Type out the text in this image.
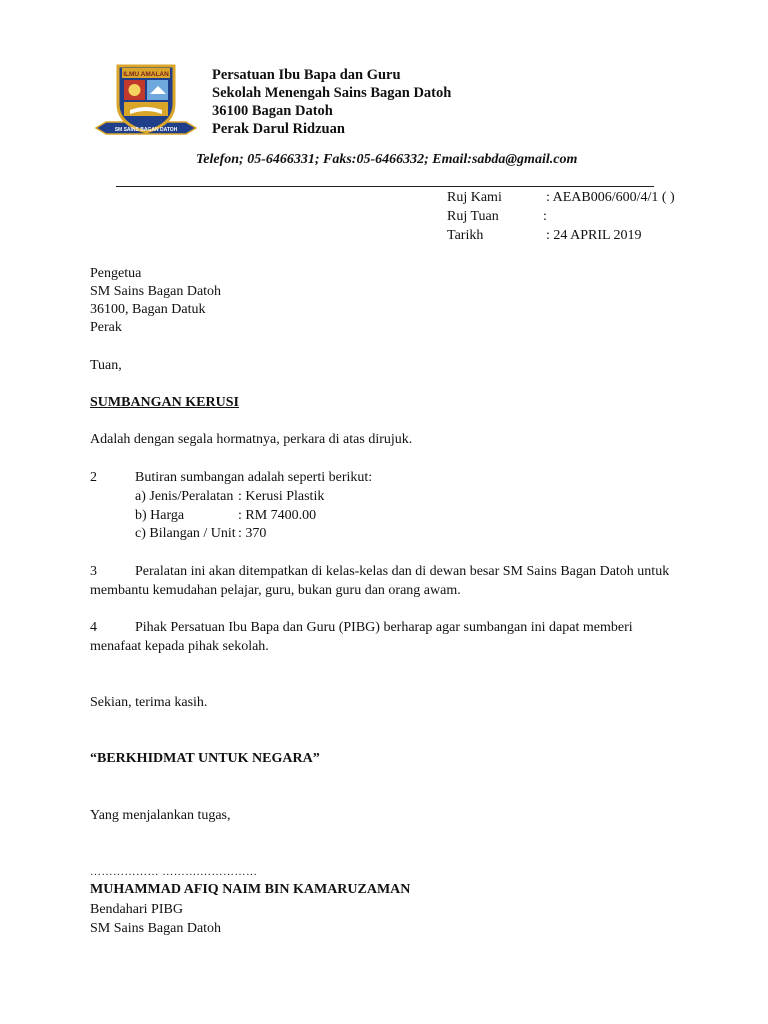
ILMU AMALAN
SM SAINS BAGAN DATOH
Persatuan Ibu Bapa dan Guru
Sekolah Menengah Sains Bagan Datoh
36100 Bagan Datoh
Perak Darul Ridzuan
Telefon; 05-6466331; Faks:05-6466332; Email:sabda@gmail.com
Ruj Kami	: AEAB006/600/4/1 ( )
Ruj Tuan	:
Tarikh	: 24 APRIL 2019
Pengetua
SM Sains Bagan Datoh
36100, Bagan Datuk
Perak
Tuan,
SUMBANGAN KERUSI
Adalah dengan segala hormatnya, perkara di atas dirujuk.
2	Butiran sumbangan adalah seperti berikut:
a) Jenis/Peralatan : Kerusi Plastik
b) Harga	: RM 7400.00
c) Bilangan / Unit : 370
3	Peralatan ini akan ditempatkan di kelas-kelas dan di dewan besar SM Sains Bagan Datoh untuk
membantu kemudahan pelajar, guru, bukan guru dan orang awam.
4	Pihak Persatuan Ibu Bapa dan Guru (PIBG) berharap agar sumbangan ini dapat memberi
menafaat kepada pihak sekolah.
Sekian, terima kasih.
“BERKHIDMAT UNTUK NEGARA”
Yang menjalankan tugas,
……………… ……….……………
MUHAMMAD AFIQ NAIM BIN KAMARUZAMAN
Bendahari PIBG
SM Sains Bagan Datoh
